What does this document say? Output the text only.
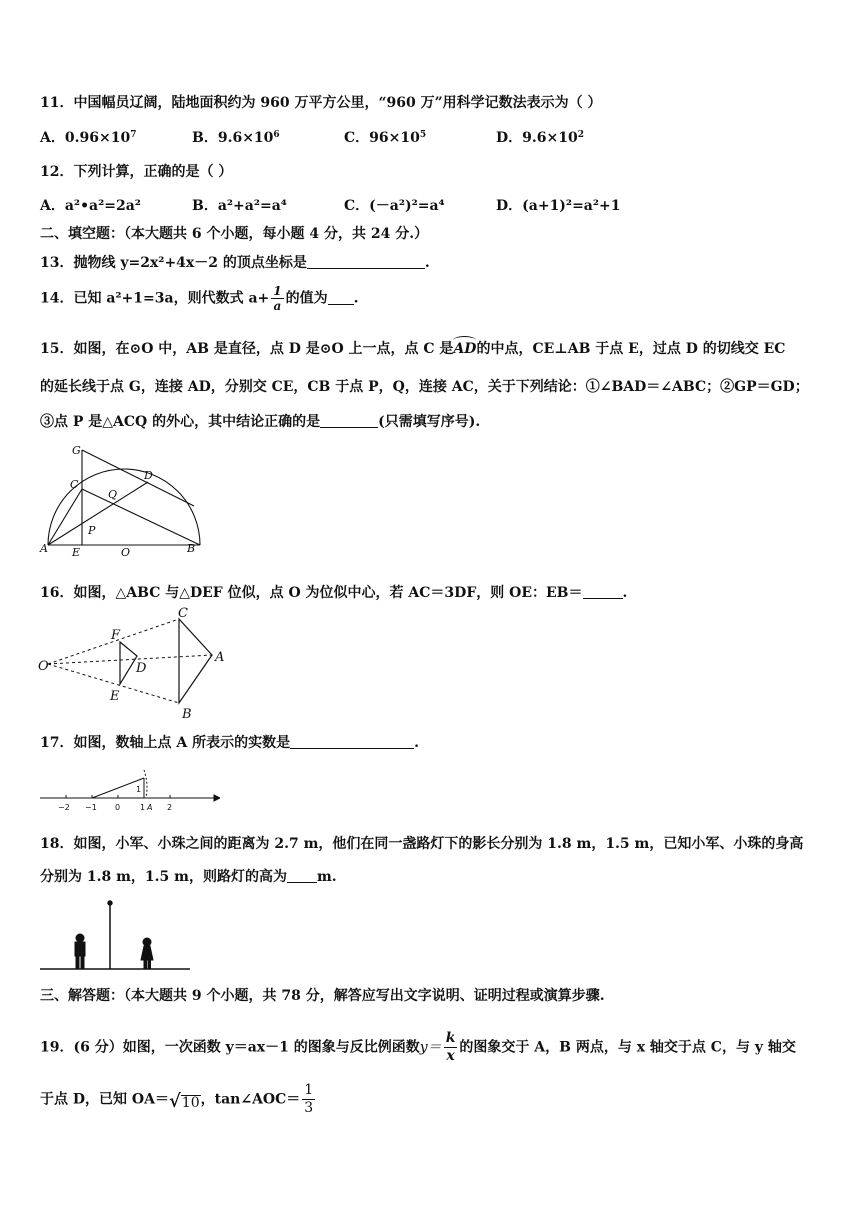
11．中国幅员辽阔，陆地面积约为 960 万平方公里，“960 万”用科学记数法表示为（ ）
A．$0.96\times 10^7$	B．$9.6\times 10^6$	C．$96\times 10^5$	D．$9.6\times 10^2$
12．下列计算，正确的是（ ）
A．a²•a²=2a²	B．a²+a²=a⁴	C．(－a²)²=a⁴	D．(a+1)²=a²+1
二、填空题：（本大题共 6 个小题，每小题 4 分，共 24 分.）
13．抛物线 y=2x²+4x－2 的顶点坐标是	.
14．已知 a²+1=3a，则代数式 $a+ \frac{1}{a}$ 的值为 .
15．如图，在⊙O 中，AB 是直径，点 D 是⊙O 上一点，点 C 是AD的中点，CE⊥AB 于点 E，过点 D 的切线交 EC
的延长线于点 G，连接 AD，分别交 CE，CB 于点 P，Q，连接 AC，关于下列结论：①∠BAD＝∠ABC；②GP＝GD；
③点 P 是△ACQ 的外心，其中结论正确的是	(只需填写序号).
G
C
D
Q
P
A E	O	B
16．如图，△ABC 与△DEF 位似，点 O 为位似中心，若 AC＝3DF，则 OE：EB＝	.
O
F
D
E
C
A
B
17．如图，数轴上点 A 所表示的实数是	.
−2 −1 0 1 A 2
1
18．如图，小军、小珠之间的距离为 2.7 m，他们在同一盏路灯下的影长分别为 1.8 m，1.5 m，已知小军、小珠的身高
分别为 1.8 m，1.5 m，则路灯的高为 m.
三、解答题：（本大题共 9 个小题，共 78 分，解答应写出文字说明、证明过程或演算步骤.
19．(6 分）如图，一次函数 y＝ax－1 的图象与反比例函数$y= \frac{k}{x}$ 的图象交于 A，B 两点，与 x 轴交于点 C，与 y 轴交
于点 D，已知 OA＝ √ 10 ，tan∠AOC＝ $\frac{1}{3}$
